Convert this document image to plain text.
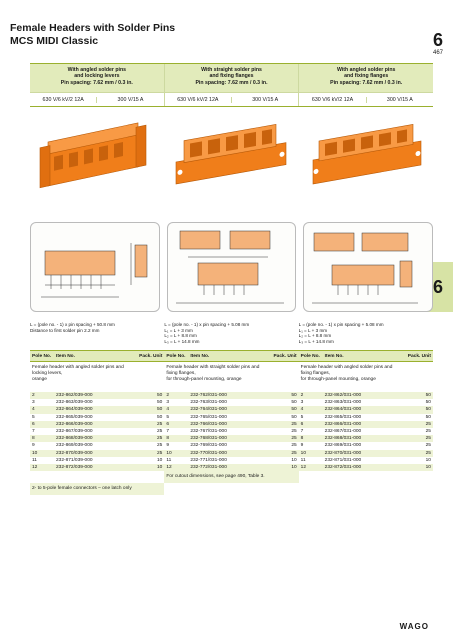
Female Headers with Solder Pins
MCS MIDI Classic	6
467
6
With angled solder pins
and locking levers
Pin spacing: 7.62 mm / 0.3 in.
630 V/6 kV/2 12A	300 V/15 A
With straight solder pins
and fixing flanges
Pin spacing: 7.62 mm / 0.3 in.
630 V/6 kV/2 12A	300 V/15 A
With angled solder pins
and fixing flanges
Pin spacing: 7.62 mm / 0.3 in.
630 V/6 kV/2 12A	300 V/15 A
L = (pole no. - 1) x pin spacing + 50.8 mm
Distance to first solder pin 2.2 mm
L = (pole no. - 1) x pin spacing + 5.08 mm
L₁ = L + 3 mm
L₂ = L + 8.8 mm
L₃ = L + 14.8 mm
L = (pole no. - 1) x pin spacing + 5.08 mm
L₁ = L + 3 mm
L₂ = L + 8.8 mm
L₃ = L + 14.8 mm
Pole No. Item No.	Pack. Unit Pole No. Item No.	Pack. Unit Pole No. Item No.	Pack. Unit
Female header with angled solder pins and
locking levers,
orange
Female header with straight solder pins and
fixing flanges,
for through-panel mounting, orange
Female header with angled solder pins and
fixing flanges,
for through-panel mounting, orange
2	232-862/039-000	50
3	232-863/039-000	50
4	232-864/039-000	50
5	232-865/039-000	50
6	232-866/039-000	25
7	232-867/039-000	25
8	232-868/039-000	25
9	232-869/039-000	25
10	232-870/039-000	25
11	232-871/039-000	10
12	232-872/039-000	10
2	232-762/031-000	50
3	232-763/031-000	50
4	232-764/031-000	50
5	232-765/031-000	50
6	232-766/031-000	25
7	232-767/031-000	25
8	232-768/031-000	25
9	232-769/031-000	25
10	232-770/031-000	25
11	232-771/031-000	10
12	232-772/031-000	10
2	232-862/031-000	50
3	232-863/031-000	50
4	232-864/031-000	50
5	232-865/031-000	50
6	232-866/031-000	25
7	232-867/031-000	25
8	232-868/031-000	25
9	232-869/031-000	25
10	232-870/031-000	25
11	232-871/031-000	10
12	232-872/031-000	10
For cutout dimensions, see page 490, Table 3.
2- to 5-pole female connectors – one latch only
WAGO
